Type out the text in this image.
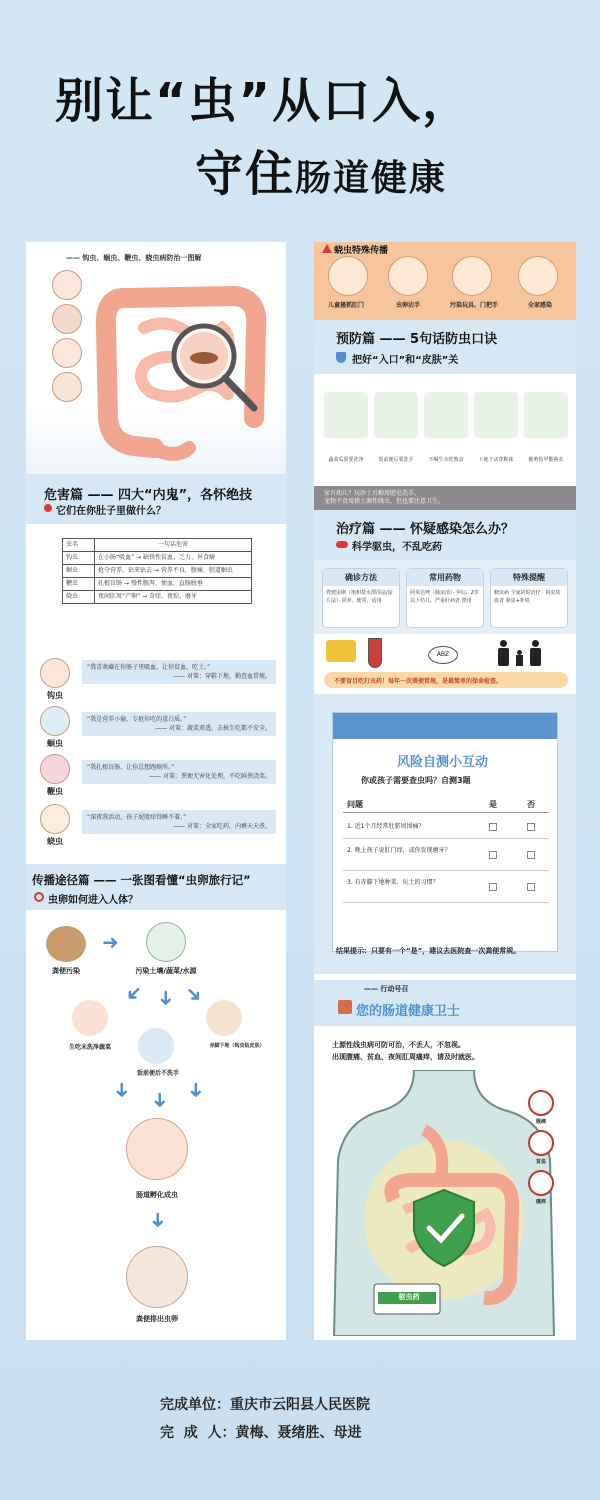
别让“虫”从口入，
守住肠道健康
—— 钩虫、蛔虫、鞭虫、蛲虫病防治一图解
危害篇 —— 四大“内鬼”，各怀绝技
它们在你肚子里做什么？
虫名	一句话危害
钩虫	在小肠“吸血” → 缺铁性贫血、乏力、异食癖
蛔虫	抢夺营养，钻来钻去 → 营养不良、腹痛、胆道蛔虫
鞭虫	扎根盲肠 → 慢性腹泻、便血、直肠脱垂
蛲虫	夜间肛周“产卵” → 奇痒、夜惊、磨牙
钩虫
“我喜欢藏在你肠子里吸血，让你贫血、吃土。”
—— 对策：穿鞋下地，勤查血常规。
蛔虫
“我是营养小偷，专抢你吃的蛋白质。”
—— 对策：蔬菜煮透，去核生吃都不安全。
鞭虫
“我扎根盲肠，让你总想跑厕所。”
—— 对策：粪便无害化处理，不吃鲜粪浇菜。
蛲虫
“深夜我活动，孩子屁股痒得睡不着。”
—— 对策：全家吃药，内裤天天煮。
传播途径篇 —— 一张图看懂“虫卵旅行记”
虫卵如何进入人体？
粪便污染
➜
污染土壤/蔬菜/水源
➜ ➜ ➜
生吃未洗净蔬菜
饭前便后不洗手
赤脚下地（钩虫钻皮肤）
➜
➜
➜
肠道孵化成虫
➜
粪便排出虫卵
蛲虫特殊传播
儿童搔抓肛门	虫卵沾手	污染玩具、门把手	全家感染
预防篇 —— 5句话防虫口诀
把好“入口”和“皮肤”关
蔬菜瓜果要洗净	饭前便后要洗手	不喝生水吃熟食	下地干活穿鞋袜	勤剪指甲勤换衣
家有幼儿？玩沙土后勤用肥皂洗手。
宠物不食用猪土源性线虫，但也要注意卫生。
治疗篇 —— 怀疑感染怎么办？
科学驱虫，不乱吃药
确诊方法
粪便虫卵（饱和盐水漂浮法/涂片法）· 同养、便常、适用
常用药物
阿苯达唑（肠虫清）· 孕妇、2岁以下幼儿、严重肝病者 禁用
特殊提醒
蛲虫病 全家同时治疗 · 钩虫贫血者 驱虫+补铁
ABZ
不要盲目吃打虫药！每年一次粪便常规，是最简单的保命检查。
风险自测小互动
你或孩子需要查虫吗？自测3题
问题	是	否
1. 近1个月经常肚脐周围痛？
2. 晚上孩子说肛门痒，或你发现磨牙？
3. 有赤脚下地种菜、玩土的习惯？
结果提示：只要有一个“是”，建议去医院查一次粪便常规。
—— 行动号召
您的肠道健康卫士
土源性线虫病可防可治，不丢人，不忽视。
出现腹痛、贫血、夜间肛周瘙痒，请及时就医。
驱虫药
腹痛
贫血
瘙痒
完成单位：重庆市云阳县人民医院
完  成  人：黄梅、聂绪胜、母进
